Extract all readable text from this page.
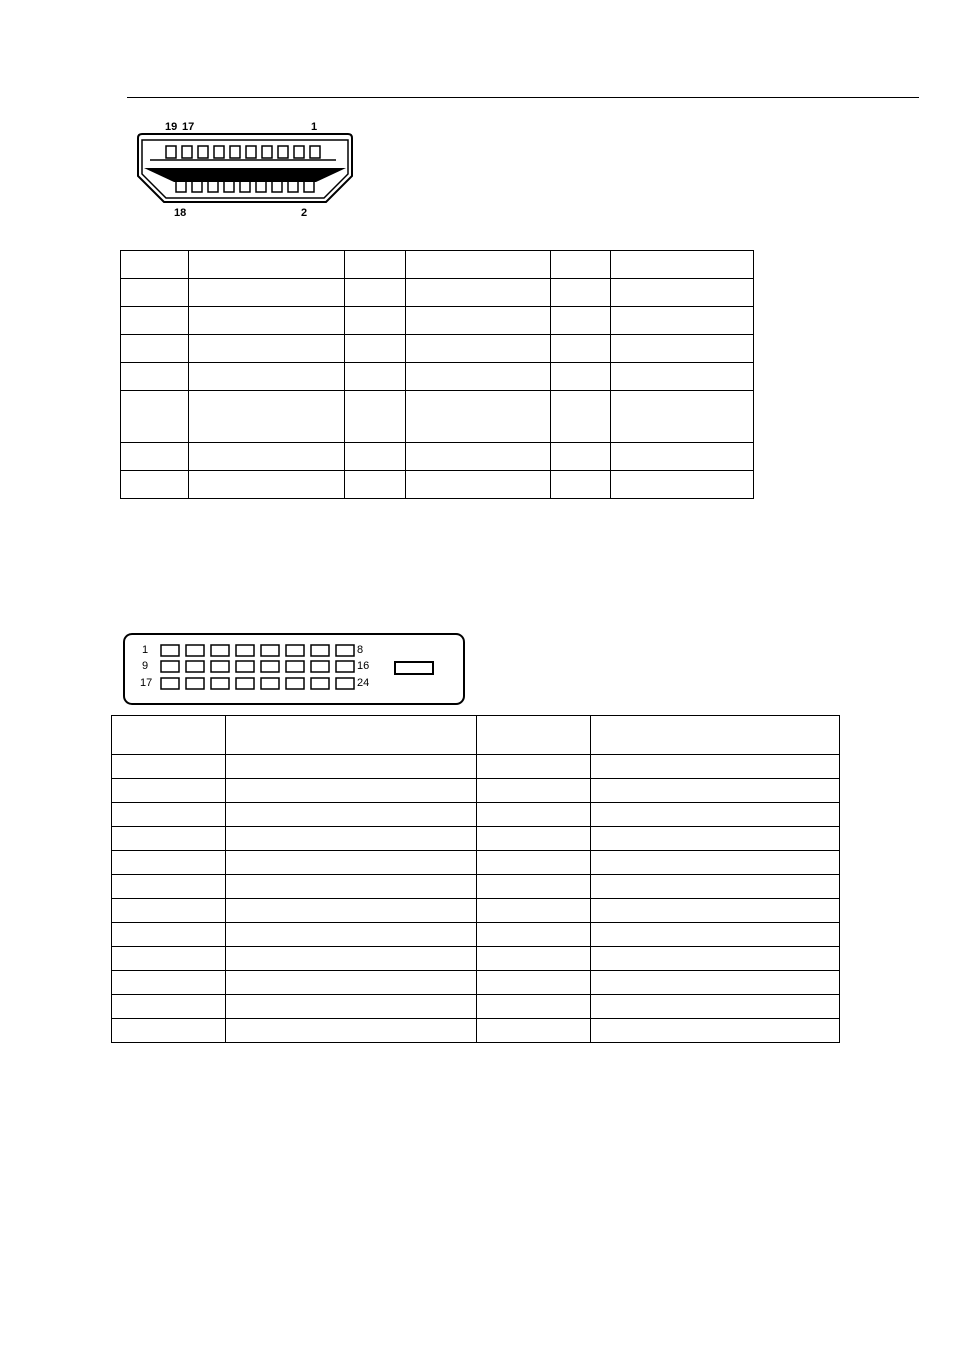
19 17	1
18	2

1
9
17
8
16
24
